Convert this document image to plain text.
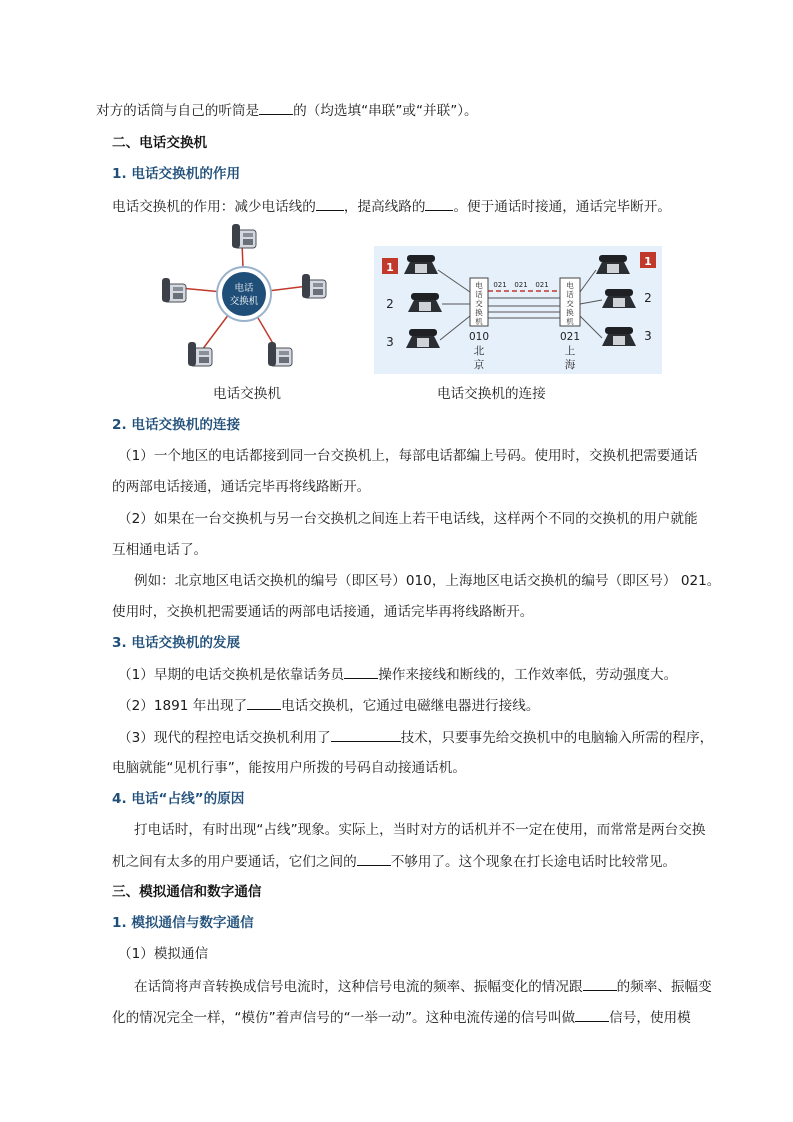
对方的话筒与自己的听筒是	的（均选填“串联”或“并联”）。
二、电话交换机
1. 电话交换机的作用
电话交换机的作用：减少电话线的 ，提高线路的 。便于通话时接通，通话完毕断开。
电话
交换机
电话交换机
1
2
3
1
2
3
电
话
交
换
机
电
话
交
换
机
021 021 021
010
北
京
021
上
海
电话交换机的连接
2. 电话交换机的连接
（1）一个地区的电话都接到同一台交换机上，每部电话都编上号码。使用时，交换机把需要通话
的两部电话接通，通话完毕再将线路断开。
（2）如果在一台交换机与另一台交换机之间连上若干电话线，这样两个不同的交换机的用户就能
互相通电话了。
例如：北京地区电话交换机的编号（即区号）010，上海地区电话交换机的编号（即区号） 021。
使用时，交换机把需要通话的两部电话接通，通话完毕再将线路断开。
3. 电话交换机的发展
（1）早期的电话交换机是依靠话务员	操作来接线和断线的，工作效率低，劳动强度大。
（2）1891 年出现了	电话交换机，它通过电磁继电器进行接线。
（3）现代的程控电话交换机利用了	技术，只要事先给交换机中的电脑输入所需的程序，
电脑就能“见机行事”，能按用户所拨的号码自动接通话机。
4. 电话“占线”的原因
打电话时，有时出现“占线”现象。实际上，当时对方的话机并不一定在使用，而常常是两台交换
机之间有太多的用户要通话，它们之间的	不够用了。这个现象在打长途电话时比较常见。
三、模拟通信和数字通信
1. 模拟通信与数字通信
（1）模拟通信
在话筒将声音转换成信号电流时，这种信号电流的频率、振幅变化的情况跟	的频率、振幅变
化的情况完全一样，“模仿”着声信号的“一举一动”。这种电流传递的信号叫做	信号，使用模
